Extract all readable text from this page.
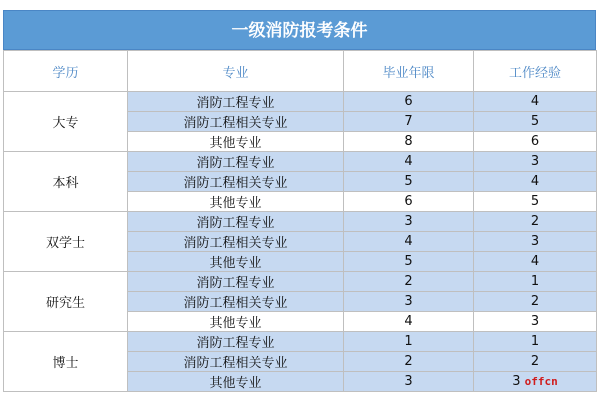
一级消防报考条件
学历	专业	毕业年限	工作经验
大专	消防工程专业	6	4
	消防工程相关专业	7	5
	其他专业	8	6
本科	消防工程专业	4	3
	消防工程相关专业	5	4
	其他专业	6	5
双学士	消防工程专业	3	2
	消防工程相关专业	4	3
	其他专业	5	4
研究生	消防工程专业	2	1
	消防工程相关专业	3	2
	其他专业	4	3
博士	消防工程专业	1	1
	消防工程相关专业	2	2
	其他专业	3	3 offcn
